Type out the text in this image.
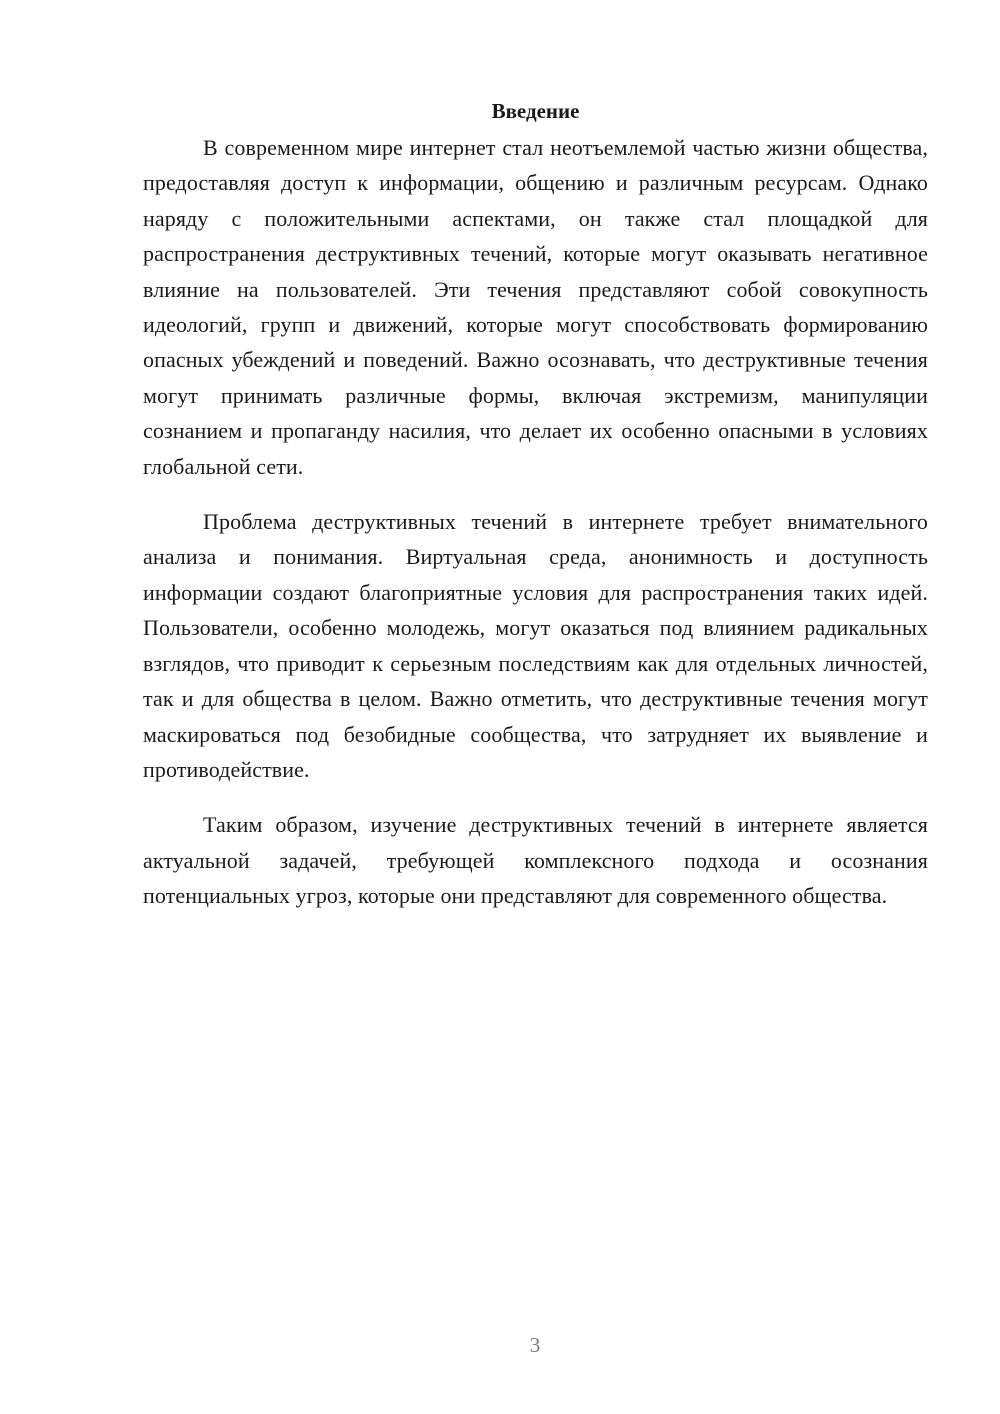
Введение

В современном мире интернет стал неотъемлемой частью жизни общества, предоставляя доступ к информации, общению и различным ресурсам. Однако наряду с положительными аспектами, он также стал площадкой для распространения деструктивных течений, которые могут оказывать негативное влияние на пользователей. Эти течения представляют собой совокупность идеологий, групп и движений, которые могут способствовать формированию опасных убеждений и поведений. Важно осознавать, что деструктивные течения могут принимать различные формы, включая экстремизм, манипуляции сознанием и пропаганду насилия, что делает их особенно опасными в условиях глобальной сети.

Проблема деструктивных течений в интернете требует внимательного анализа и понимания. Виртуальная среда, анонимность и доступность информации создают благоприятные условия для распространения таких идей. Пользователи, особенно молодежь, могут оказаться под влиянием радикальных взглядов, что приводит к серьезным последствиям как для отдельных личностей, так и для общества в целом. Важно отметить, что деструктивные течения могут маскироваться под безобидные сообщества, что затрудняет их выявление и противодействие.

Таким образом, изучение деструктивных течений в интернете является актуальной задачей, требующей комплексного подхода и осознания потенциальных угроз, которые они представляют для современного общества.

3
